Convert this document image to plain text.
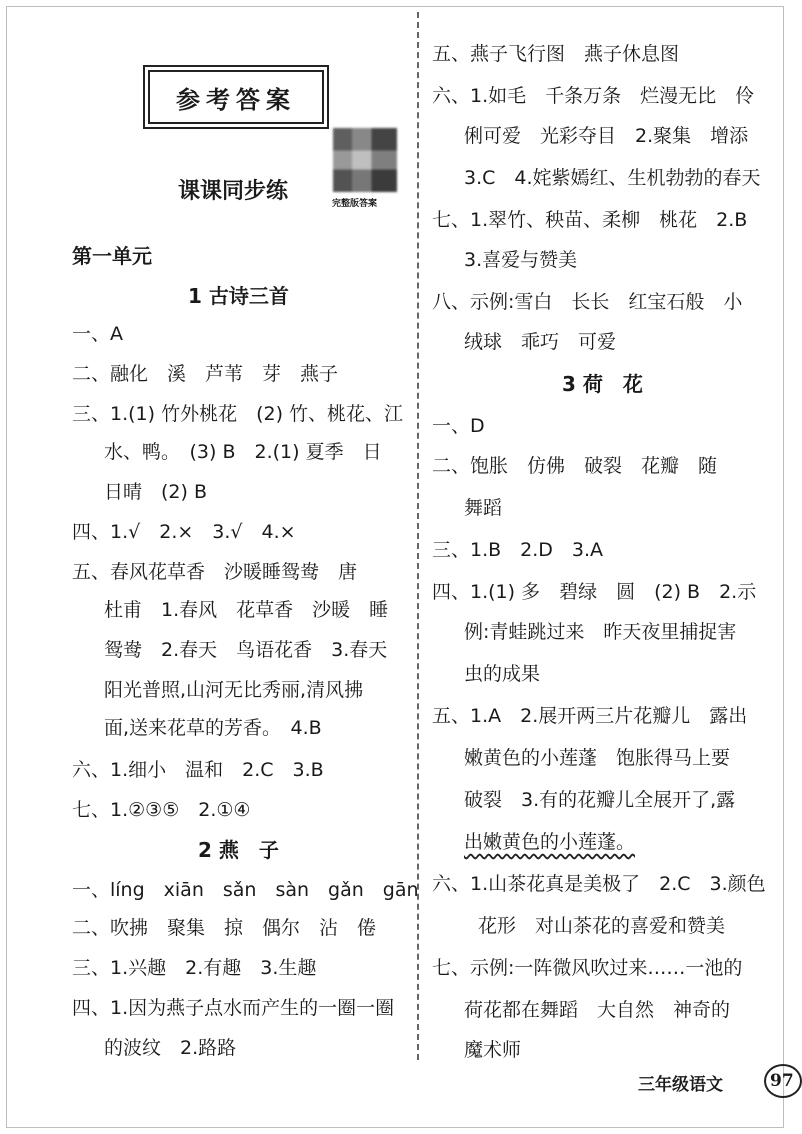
参考答案
完整版答案
课课同步练
第一单元
1 古诗三首
一、A
二、融化　溪　芦苇　芽　燕子
三、1.(1) 竹外桃花　(2) 竹、桃花、江
水、鸭。　(3) B　2.(1) 夏季　日
日晴　(2) B
四、1.√　2.×　3.√　4.×
五、春风花草香　沙暖睡鸳鸯　唐
杜甫　1.春风　花草香　沙暖　睡
鸳鸯　2.春天　鸟语花香　3.春天
阳光普照,山河无比秀丽,清风拂
面,送来花草的芳香。　4.B
六、1.细小　温和　2.C　3.B
七、1.②③⑤　2.①④
2 燕　子
一、líng　xiān　sǎn　sàn　gǎn　gān
二、吹拂　聚集　掠　偶尔　沾　倦
三、1.兴趣　2.有趣　3.生趣
四、1.因为燕子点水而产生的一圈一圈
的波纹　2.路路
五、燕子飞行图　燕子休息图
六、1.如毛　千条万条　烂漫无比　伶
俐可爱　光彩夺目　2.聚集　增添
3.C　4.姹紫嫣红、生机勃勃的春天
七、1.翠竹、秧苗、柔柳　桃花　2.B
3.喜爱与赞美
八、示例:雪白　长长　红宝石般　小
绒球　乖巧　可爱
3 荷　花
一、D
二、饱胀　仿佛　破裂　花瓣　随
舞蹈
三、1.B　2.D　3.A
四、1.(1) 多　碧绿　圆　(2) B　2.示
例:青蛙跳过来　昨天夜里捕捉害
虫的成果
五、1.A　2.展开两三片花瓣儿　露出
嫩黄色的小莲蓬　饱胀得马上要
破裂　3.有的花瓣儿全展开了,露
出嫩黄色的小莲蓬。
六、1.山茶花真是美极了　2.C　3.颜色
花形　对山茶花的喜爱和赞美
七、示例:一阵微风吹过来……一池的
荷花都在舞蹈　大自然　神奇的
魔术师
三年级语文	97
